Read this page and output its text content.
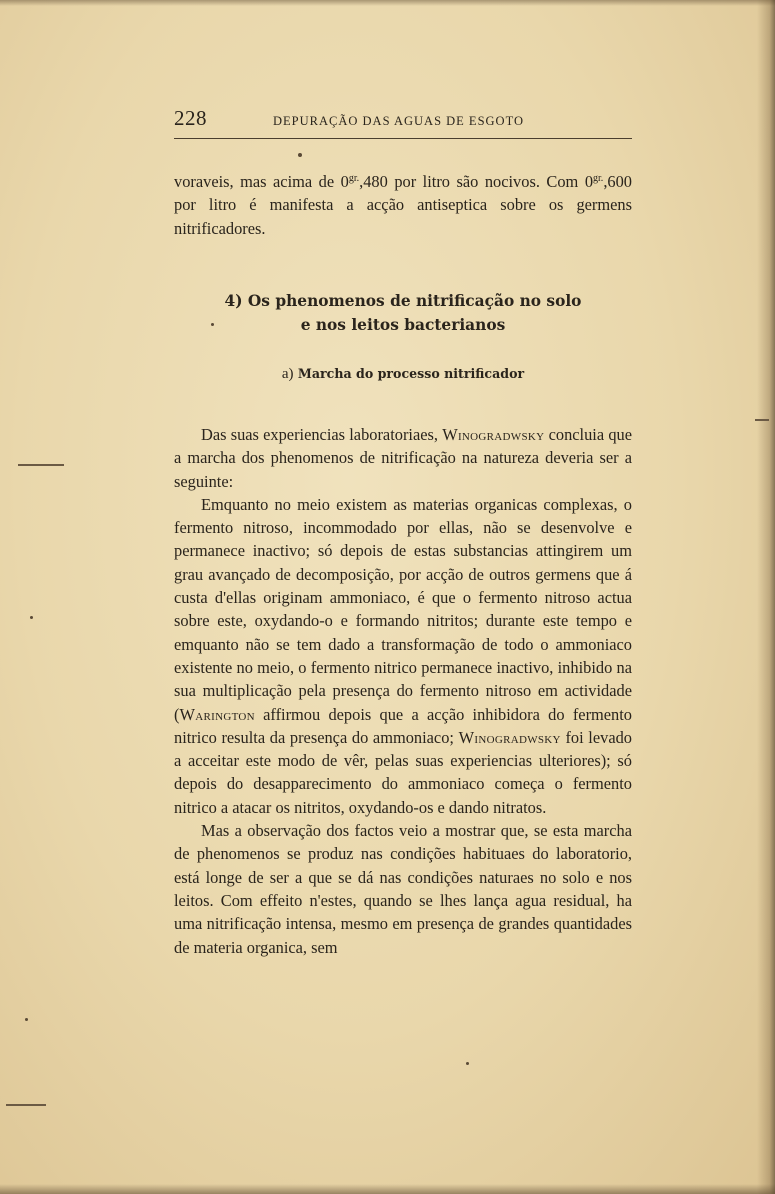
228	DEPURAÇÃO DAS AGUAS DE ESGOTO

voraveis, mas acima de $0^{gr.},480$ por litro são nocivos. Com $0^{gr.},600$ por litro é manifesta a acção antiseptica sobre os germens nitrificadores.

4) Os phenomenos de nitrificação no solo
e nos leitos bacterianos
a) Marcha do processo nitrificador

Das suas experiencias laboratoriaes, Winogradwsky concluia que a marcha dos phenomenos de nitrificação na natureza deveria ser a seguinte:

Emquanto no meio existem as materias organicas complexas, o fermento nitroso, incommodado por ellas, não se desenvolve e permanece inactivo; só depois de estas substancias attingirem um grau avançado de decomposição, por acção de outros germens que á custa d'ellas originam ammoniaco, é que o fermento nitroso actua sobre este, oxydando-o e formando nitritos; durante este tempo e emquanto não se tem dado a transformação de todo o ammoniaco existente no meio, o fermento nitrico permanece inactivo, inhibido na sua multiplicação pela presença do fermento nitroso em actividade (Warington affirmou depois que a acção inhibidora do fermento nitrico resulta da presença do ammoniaco; Winogradwsky foi levado a acceitar este modo de vêr, pelas suas experiencias ulteriores); só depois do desapparecimento do ammoniaco começa o fermento nitrico a atacar os nitritos, oxydando-os e dando nitratos.

Mas a observação dos factos veio a mostrar que, se esta marcha de phenomenos se produz nas condições habituaes do laboratorio, está longe de ser a que se dá nas condições naturaes no solo e nos leitos. Com effeito n'estes, quando se lhes lança agua residual, ha uma nitrificação intensa, mesmo em presença de grandes quantidades de materia organica, sem
